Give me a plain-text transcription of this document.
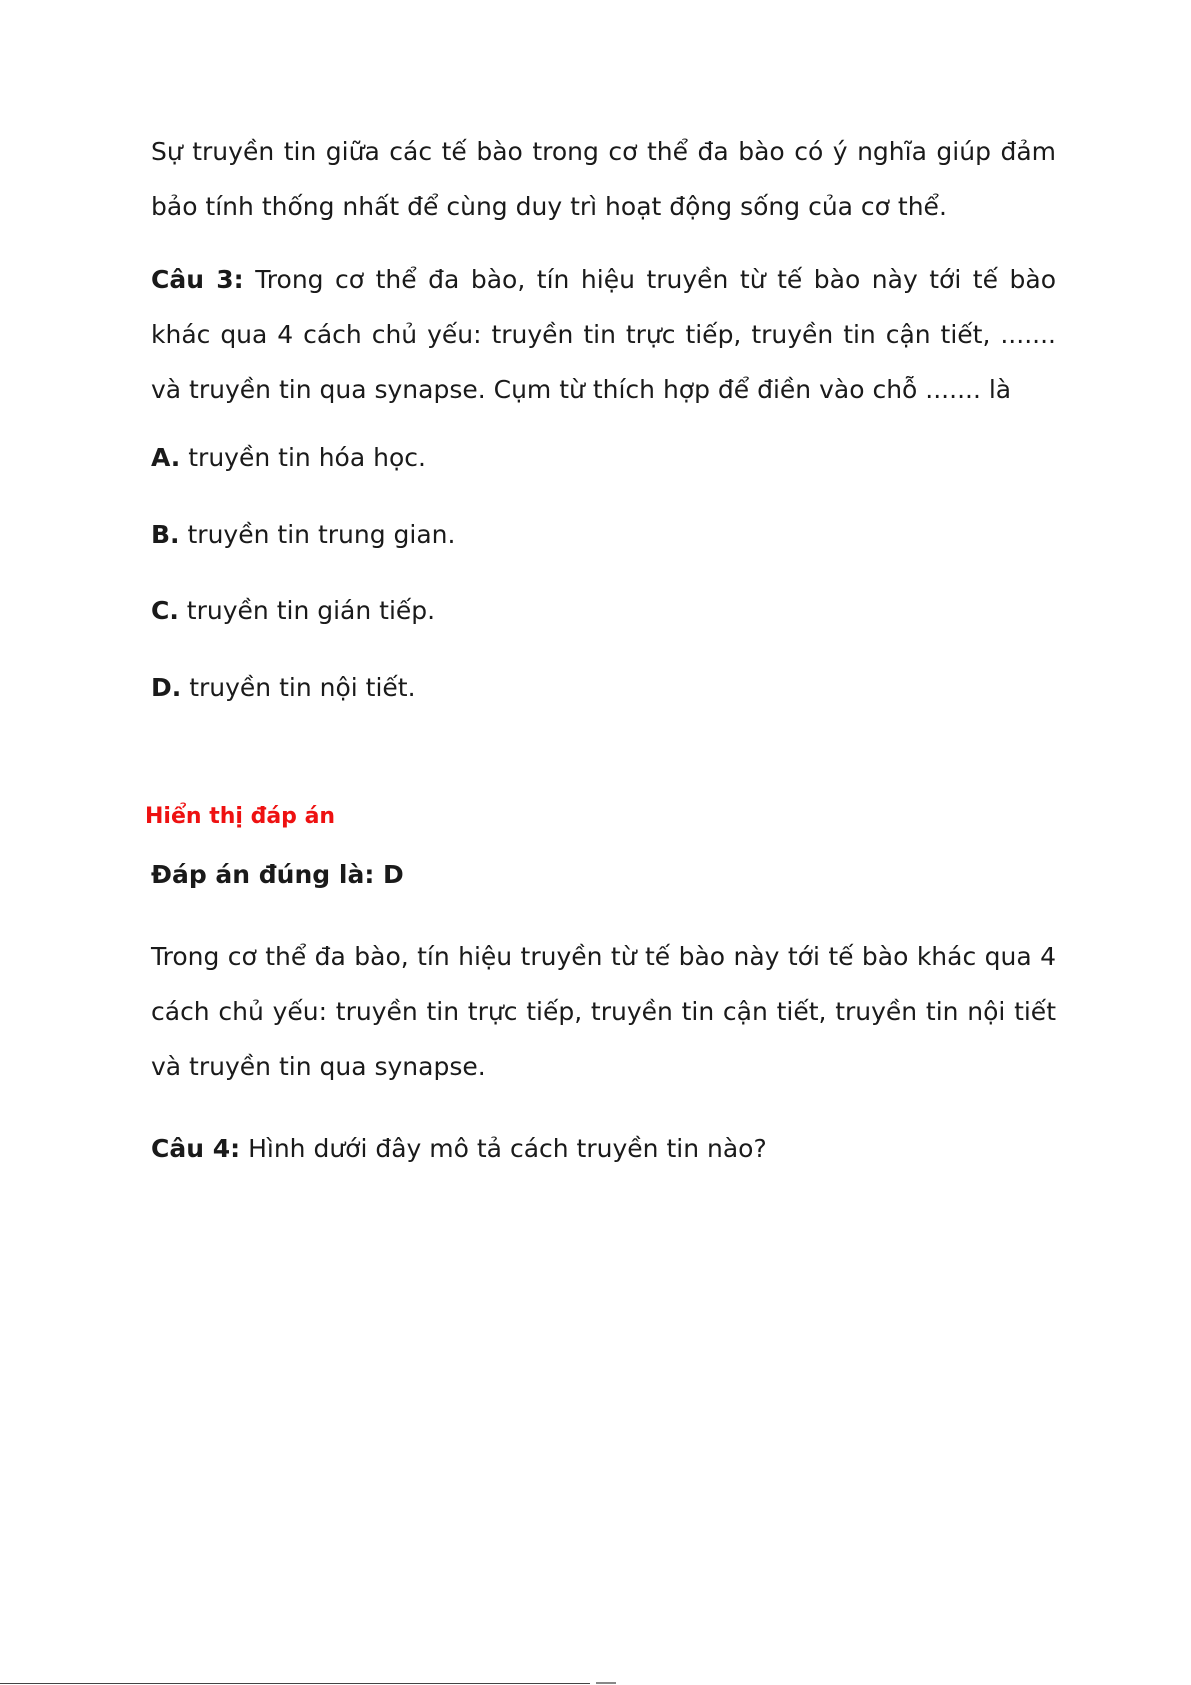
Sự truyền tin giữa các tế bào trong cơ thể đa bào có ý nghĩa giúp đảm bảo tính thống nhất để cùng duy trì hoạt động sống của cơ thể.

Câu 3: Trong cơ thể đa bào, tín hiệu truyền từ tế bào này tới tế bào khác qua 4 cách chủ yếu: truyền tin trực tiếp, truyền tin cận tiết, ....... và truyền tin qua synapse. Cụm từ thích hợp để điền vào chỗ ....... là

A. truyền tin hóa học.

B. truyền tin trung gian.

C. truyền tin gián tiếp.

D. truyền tin nội tiết.

Hiển thị đáp án
Đáp án đúng là: D

Trong cơ thể đa bào, tín hiệu truyền từ tế bào này tới tế bào khác qua 4 cách chủ yếu: truyền tin trực tiếp, truyền tin cận tiết, truyền tin nội tiết và truyền tin qua synapse.

Câu 4: Hình dưới đây mô tả cách truyền tin nào?
